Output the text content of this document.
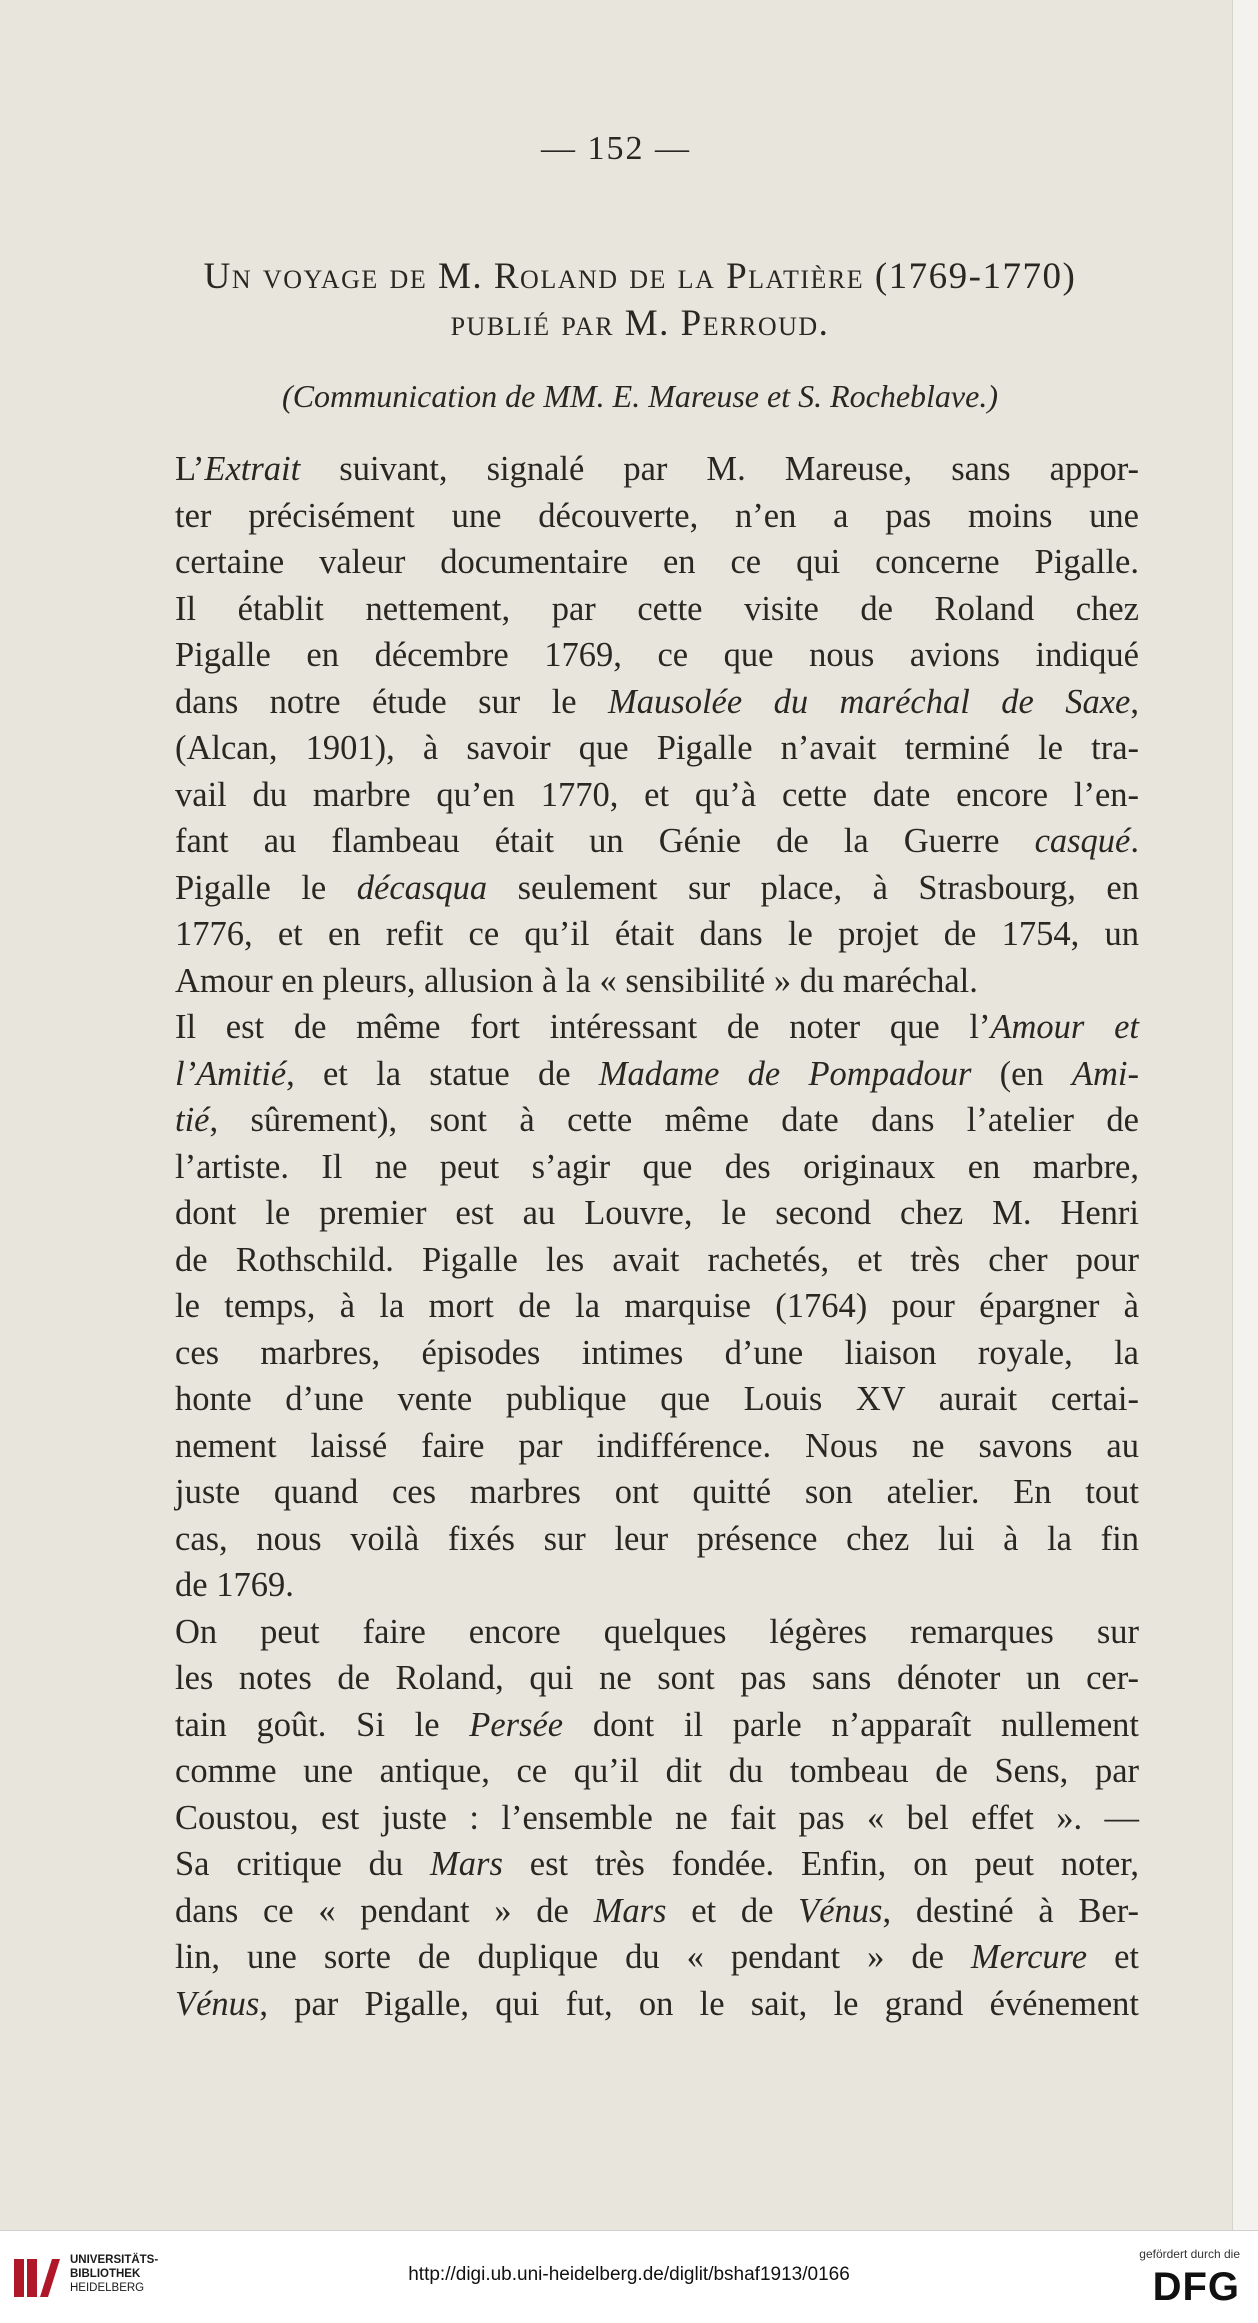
— 152 —
Un voyage de M. Roland de la Platière (1769-1770)
publié par M. Perroud.
(Communication de MM. E. Mareuse et S. Rocheblave.)
L’Extrait suivant, signalé par M. Mareuse, sans appor-
ter précisément une découverte, n’en a pas moins une
certaine valeur documentaire en ce qui concerne Pigalle.
Il établit nettement, par cette visite de Roland chez
Pigalle en décembre 1769, ce que nous avions indiqué
dans notre étude sur le Mausolée du maréchal de Saxe,
(Alcan, 1901), à savoir que Pigalle n’avait terminé le tra-
vail du marbre qu’en 1770, et qu’à cette date encore l’en-
fant au flambeau était un Génie de la Guerre casqué.
Pigalle le décasqua seulement sur place, à Strasbourg, en
1776, et en refit ce qu’il était dans le projet de 1754, un
Amour en pleurs, allusion à la « sensibilité » du maréchal.
Il est de même fort intéressant de noter que l’Amour et
l’Amitié, et la statue de Madame de Pompadour (en Ami-
tié, sûrement), sont à cette même date dans l’atelier de
l’artiste. Il ne peut s’agir que des originaux en marbre,
dont le premier est au Louvre, le second chez M. Henri
de Rothschild. Pigalle les avait rachetés, et très cher pour
le temps, à la mort de la marquise (1764) pour épargner à
ces marbres, épisodes intimes d’une liaison royale, la
honte d’une vente publique que Louis XV aurait certai-
nement laissé faire par indifférence. Nous ne savons au
juste quand ces marbres ont quitté son atelier. En tout
cas, nous voilà fixés sur leur présence chez lui à la fin
de 1769.
On peut faire encore quelques légères remarques sur
les notes de Roland, qui ne sont pas sans dénoter un cer-
tain goût. Si le Persée dont il parle n’apparaît nullement
comme une antique, ce qu’il dit du tombeau de Sens, par
Coustou, est juste : l’ensemble ne fait pas « bel effet ». —
Sa critique du Mars est très fondée. Enfin, on peut noter,
dans ce « pendant » de Mars et de Vénus, destiné à Ber-
lin, une sorte de duplique du « pendant » de Mercure et
Vénus, par Pigalle, qui fut, on le sait, le grand événement
UNIVERSITÄTS-
BIBLIOTHEK
HEIDELBERG
http://digi.ub.uni-heidelberg.de/diglit/bshaf1913/0166
gefördert durch die
DFG
